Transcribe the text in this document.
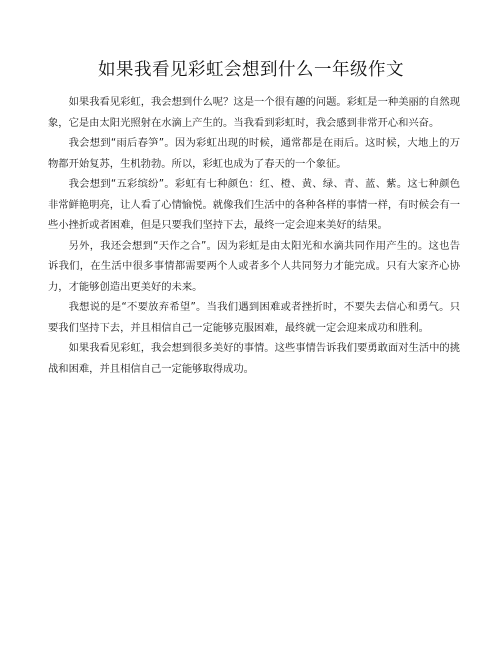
如果我看见彩虹会想到什么一年级作文

如果我看见彩虹，我会想到什么呢？这是一个很有趣的问题。彩虹是一种美丽的自然现象，它是由太阳光照射在水滴上产生的。当我看到彩虹时，我会感到非常开心和兴奋。

我会想到“雨后春笋”。因为彩虹出现的时候，通常都是在雨后。这时候，大地上的万物都开始复苏，生机勃勃。所以，彩虹也成为了春天的一个象征。

我会想到“五彩缤纷”。彩虹有七种颜色：红、橙、黄、绿、青、蓝、紫。这七种颜色非常鲜艳明亮，让人看了心情愉悦。就像我们生活中的各种各样的事情一样，有时候会有一些小挫折或者困难，但是只要我们坚持下去，最终一定会迎来美好的结果。

另外，我还会想到“天作之合”。因为彩虹是由太阳光和水滴共同作用产生的。这也告诉我们，在生活中很多事情都需要两个人或者多个人共同努力才能完成。只有大家齐心协力，才能够创造出更美好的未来。

我想说的是“不要放弃希望”。当我们遇到困难或者挫折时，不要失去信心和勇气。只要我们坚持下去，并且相信自己一定能够克服困难，最终就一定会迎来成功和胜利。

如果我看见彩虹，我会想到很多美好的事情。这些事情告诉我们要勇敢面对生活中的挑战和困难，并且相信自己一定能够取得成功。
